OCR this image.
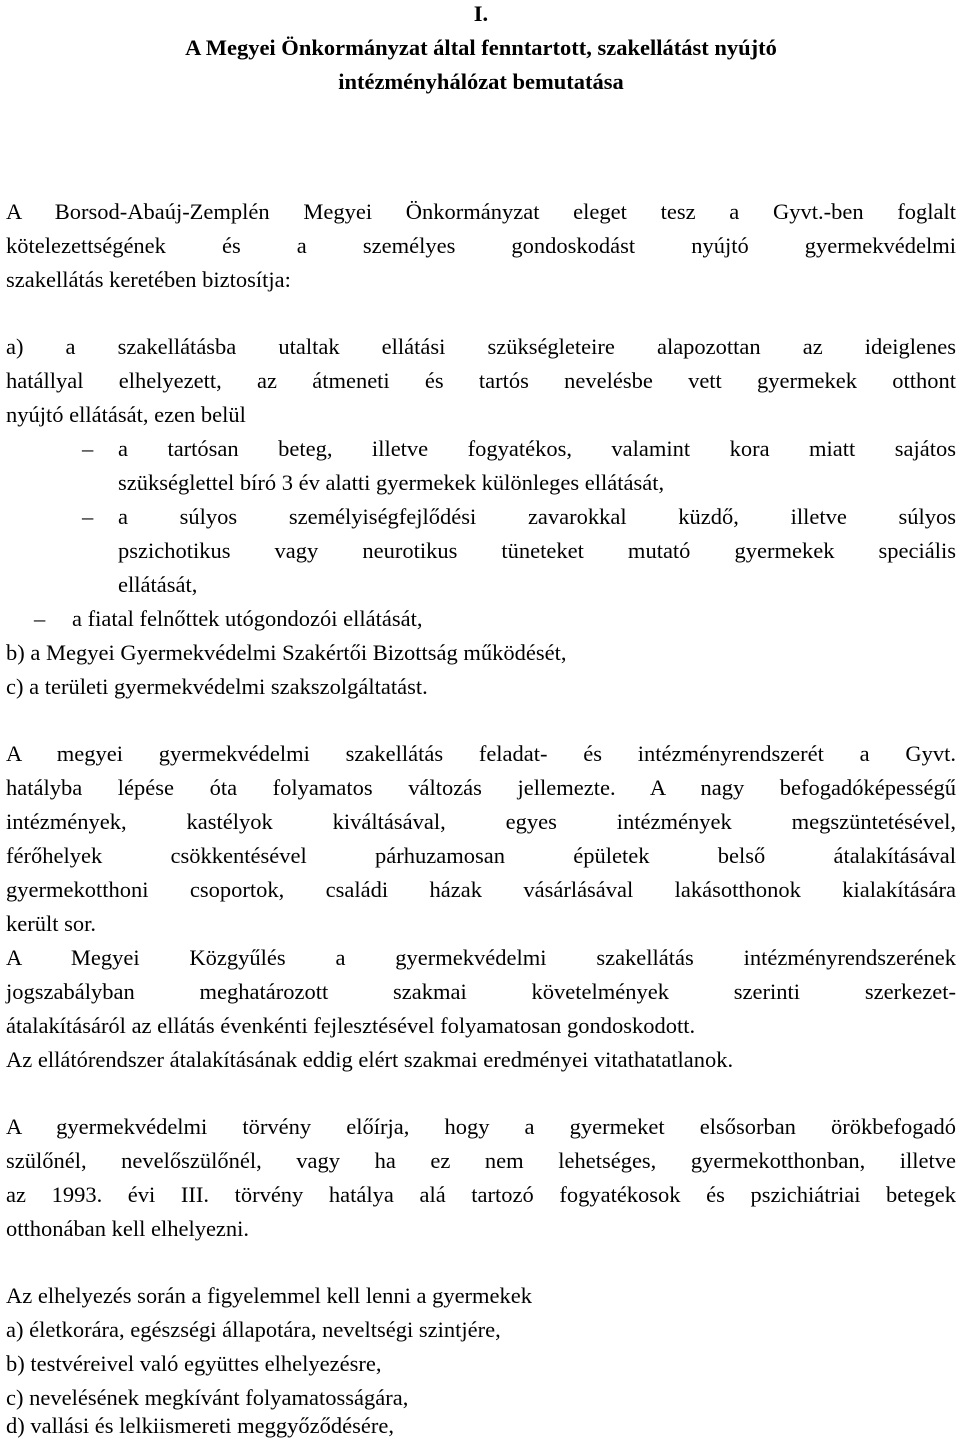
I.
A Megyei Önkormányzat által fenntartott, szakellátást nyújtó
intézményhálózat bemutatása
A Borsod-Abaúj-Zemplén Megyei Önkormányzat eleget tesz a Gyvt.-ben foglalt
kötelezettségének és a személyes gondoskodást nyújtó gyermekvédelmi
szakellátás keretében biztosítja:
a) a szakellátásba utaltak ellátási szükségleteire alapozottan az ideiglenes
hatállyal elhelyezett, az átmeneti és tartós nevelésbe vett gyermekek otthont
nyújtó ellátását, ezen belül
–	a tartósan beteg, illetve fogyatékos, valamint kora miatt sajátos
szükséglettel bíró 3 év alatti gyermekek különleges ellátását,
–	a súlyos személyiségfejlődési zavarokkal küzdő, illetve súlyos
pszichotikus vagy neurotikus tüneteket mutató gyermekek speciális
ellátását,
–	a fiatal felnőttek utógondozói ellátását,
b) a Megyei Gyermekvédelmi Szakértői Bizottság működését,
c) a területi gyermekvédelmi szakszolgáltatást.
A megyei gyermekvédelmi szakellátás feladat- és intézményrendszerét a Gyvt.
hatályba lépése óta folyamatos változás jellemezte. A nagy befogadóképességű
intézmények, kastélyok kiváltásával, egyes intézmények megszüntetésével,
férőhelyek csökkentésével párhuzamosan épületek belső átalakításával
gyermekotthoni csoportok, családi házak vásárlásával lakásotthonok kialakítására
került sor.
A Megyei Közgyűlés a gyermekvédelmi szakellátás intézményrendszerének
jogszabályban meghatározott szakmai követelmények szerinti szerkezet-
átalakításáról az ellátás évenkénti fejlesztésével folyamatosan gondoskodott.
Az ellátórendszer átalakításának eddig elért szakmai eredményei vitathatatlanok.
A gyermekvédelmi törvény előírja, hogy a gyermeket elsősorban örökbefogadó
szülőnél, nevelőszülőnél, vagy ha ez nem lehetséges, gyermekotthonban, illetve
az 1993. évi III. törvény hatálya alá tartozó fogyatékosok és pszichiátriai betegek
otthonában kell elhelyezni.
Az elhelyezés során a figyelemmel kell lenni a gyermekek
a) életkorára, egészségi állapotára, neveltségi szintjére,
b) testvéreivel való együttes elhelyezésre,
c) nevelésének megkívánt folyamatosságára,
d) vallási és lelkiismereti meggyőződésére,
